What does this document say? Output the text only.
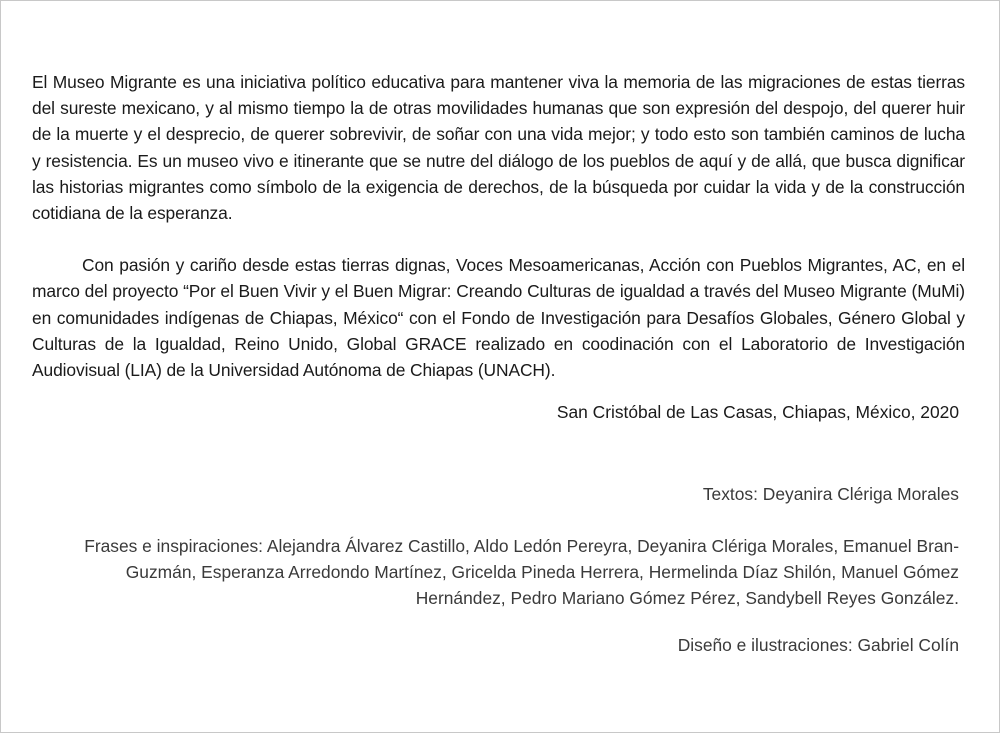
El Museo Migrante es una iniciativa político educativa para mantener viva la memoria de las migraciones de estas tierras del sureste mexicano, y al mismo tiempo la de otras movilidades humanas que son expresión del despojo, del querer huir de la muerte y el desprecio, de querer sobrevivir, de soñar con una vida mejor; y todo esto son también caminos de lucha y resistencia. Es un museo vivo e itinerante que se nutre del diálogo de los pueblos de aquí y de allá, que busca dignificar las historias migrantes como símbolo de la exigencia de derechos, de la búsqueda por cuidar la vida y de la construcción cotidiana de la esperanza.

Con pasión y cariño desde estas tierras dignas, Voces Mesoamericanas, Acción con Pueblos Migrantes, AC, en el marco del proyecto “Por el Buen Vivir y el Buen Migrar: Creando Culturas de igualdad a través del Museo Migrante (MuMi) en comunidades indígenas de Chiapas, México“ con el Fondo de Investigación para Desafíos Globales, Género Global y Culturas de la Igualdad, Reino Unido, Global GRACE realizado en coodinación con el Laboratorio de Investigación Audiovisual (LIA) de la Universidad Autónoma de Chiapas (UNACH).

San Cristóbal de Las Casas, Chiapas, México, 2020
Textos: Deyanira Clériga Morales
Frases e inspiraciones: Alejandra Álvarez Castillo, Aldo Ledón Pereyra, Deyanira Clériga Morales, Emanuel Bran-Guzmán, Esperanza Arredondo Martínez, Gricelda Pineda Herrera, Hermelinda Díaz Shilón, Manuel Gómez Hernández, Pedro Mariano Gómez Pérez, Sandybell Reyes González.
Diseño e ilustraciones: Gabriel Colín
